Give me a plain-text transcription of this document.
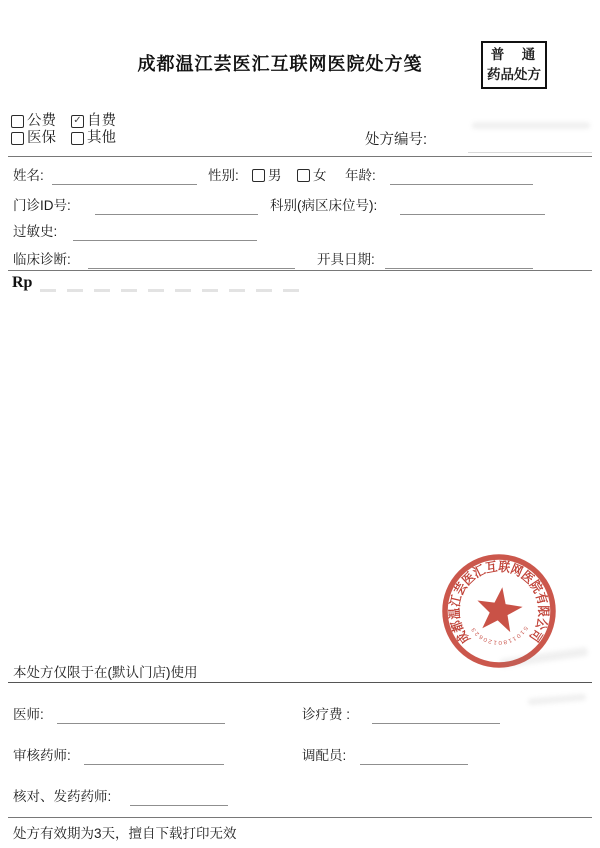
成都温江芸医汇互联网医院处方笺	普　通
药品处方
公费 ✓ 自费
医保 其他	处方编号:
姓名:	性别: 男 女 年龄:
门诊ID号:	科别(病区床位号):
过敏史:
临床诊断:	开具日期:
Rp
成都温江芸医汇互联网医院有限公司
5101180120623
本处方仅限于在(默认门店)使用
医师:	诊疗费 :
审核药师:	调配员:
核对、发药药师:
处方有效期为3天，擅自下载打印无效
